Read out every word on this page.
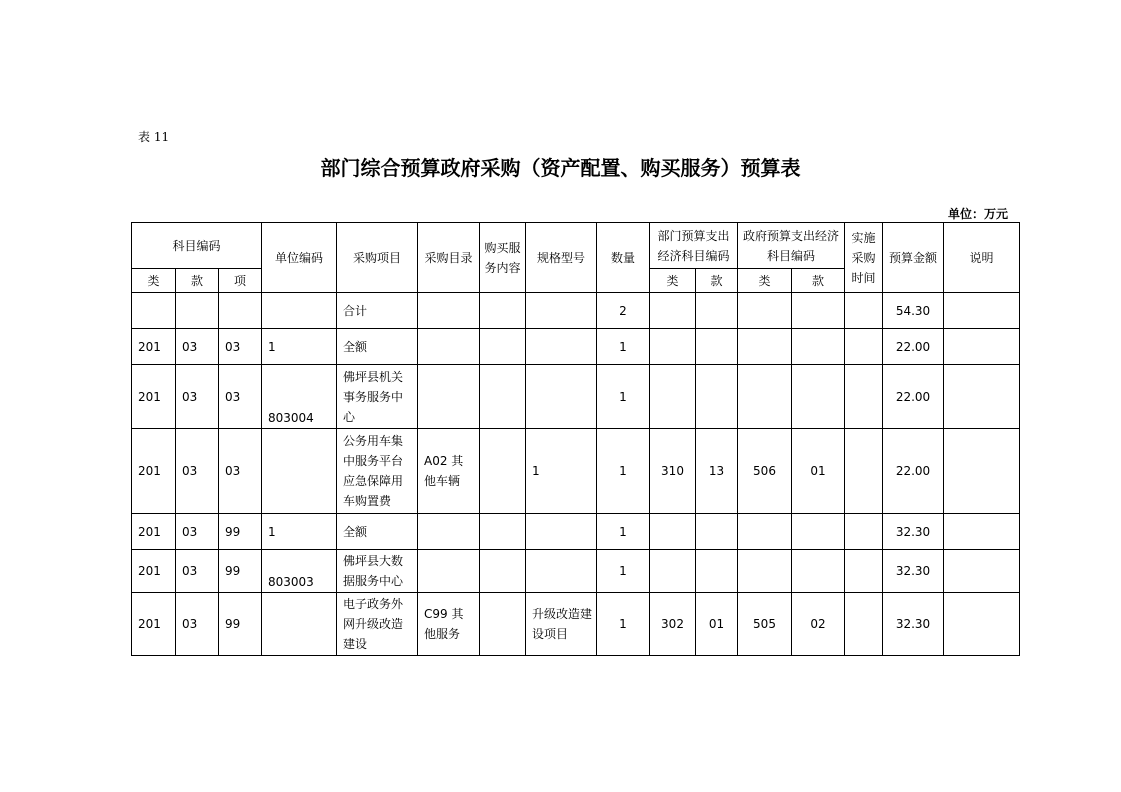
表 11
部门综合预算政府采购（资产配置、购买服务）预算表
单位：万元
科目编码			单位编码	采购项目	采购目录	购买服务内容	规格型号	数量	部门预算支出经济科目编码		政府预算支出经济科目编码		实施采购时间	预算金额	说明
类	款	项							类	款	类	款			
				合计				2						54.30	
201	03	03	1	全额				1						22.00	
201	03	03	803004	佛坪县机关事务服务中心				1						22.00	
201	03	03		公务用车集中服务平台应急保障用车购置费	A02 其他车辆		1	1	310	13	506	01		22.00	
201	03	99	1	全额				1						32.30	
201	03	99	803003	佛坪县大数据服务中心				1						32.30	
201	03	99		电子政务外网升级改造建设	C99 其他服务		升级改造建设项目	1	302	01	505	02		32.30	
